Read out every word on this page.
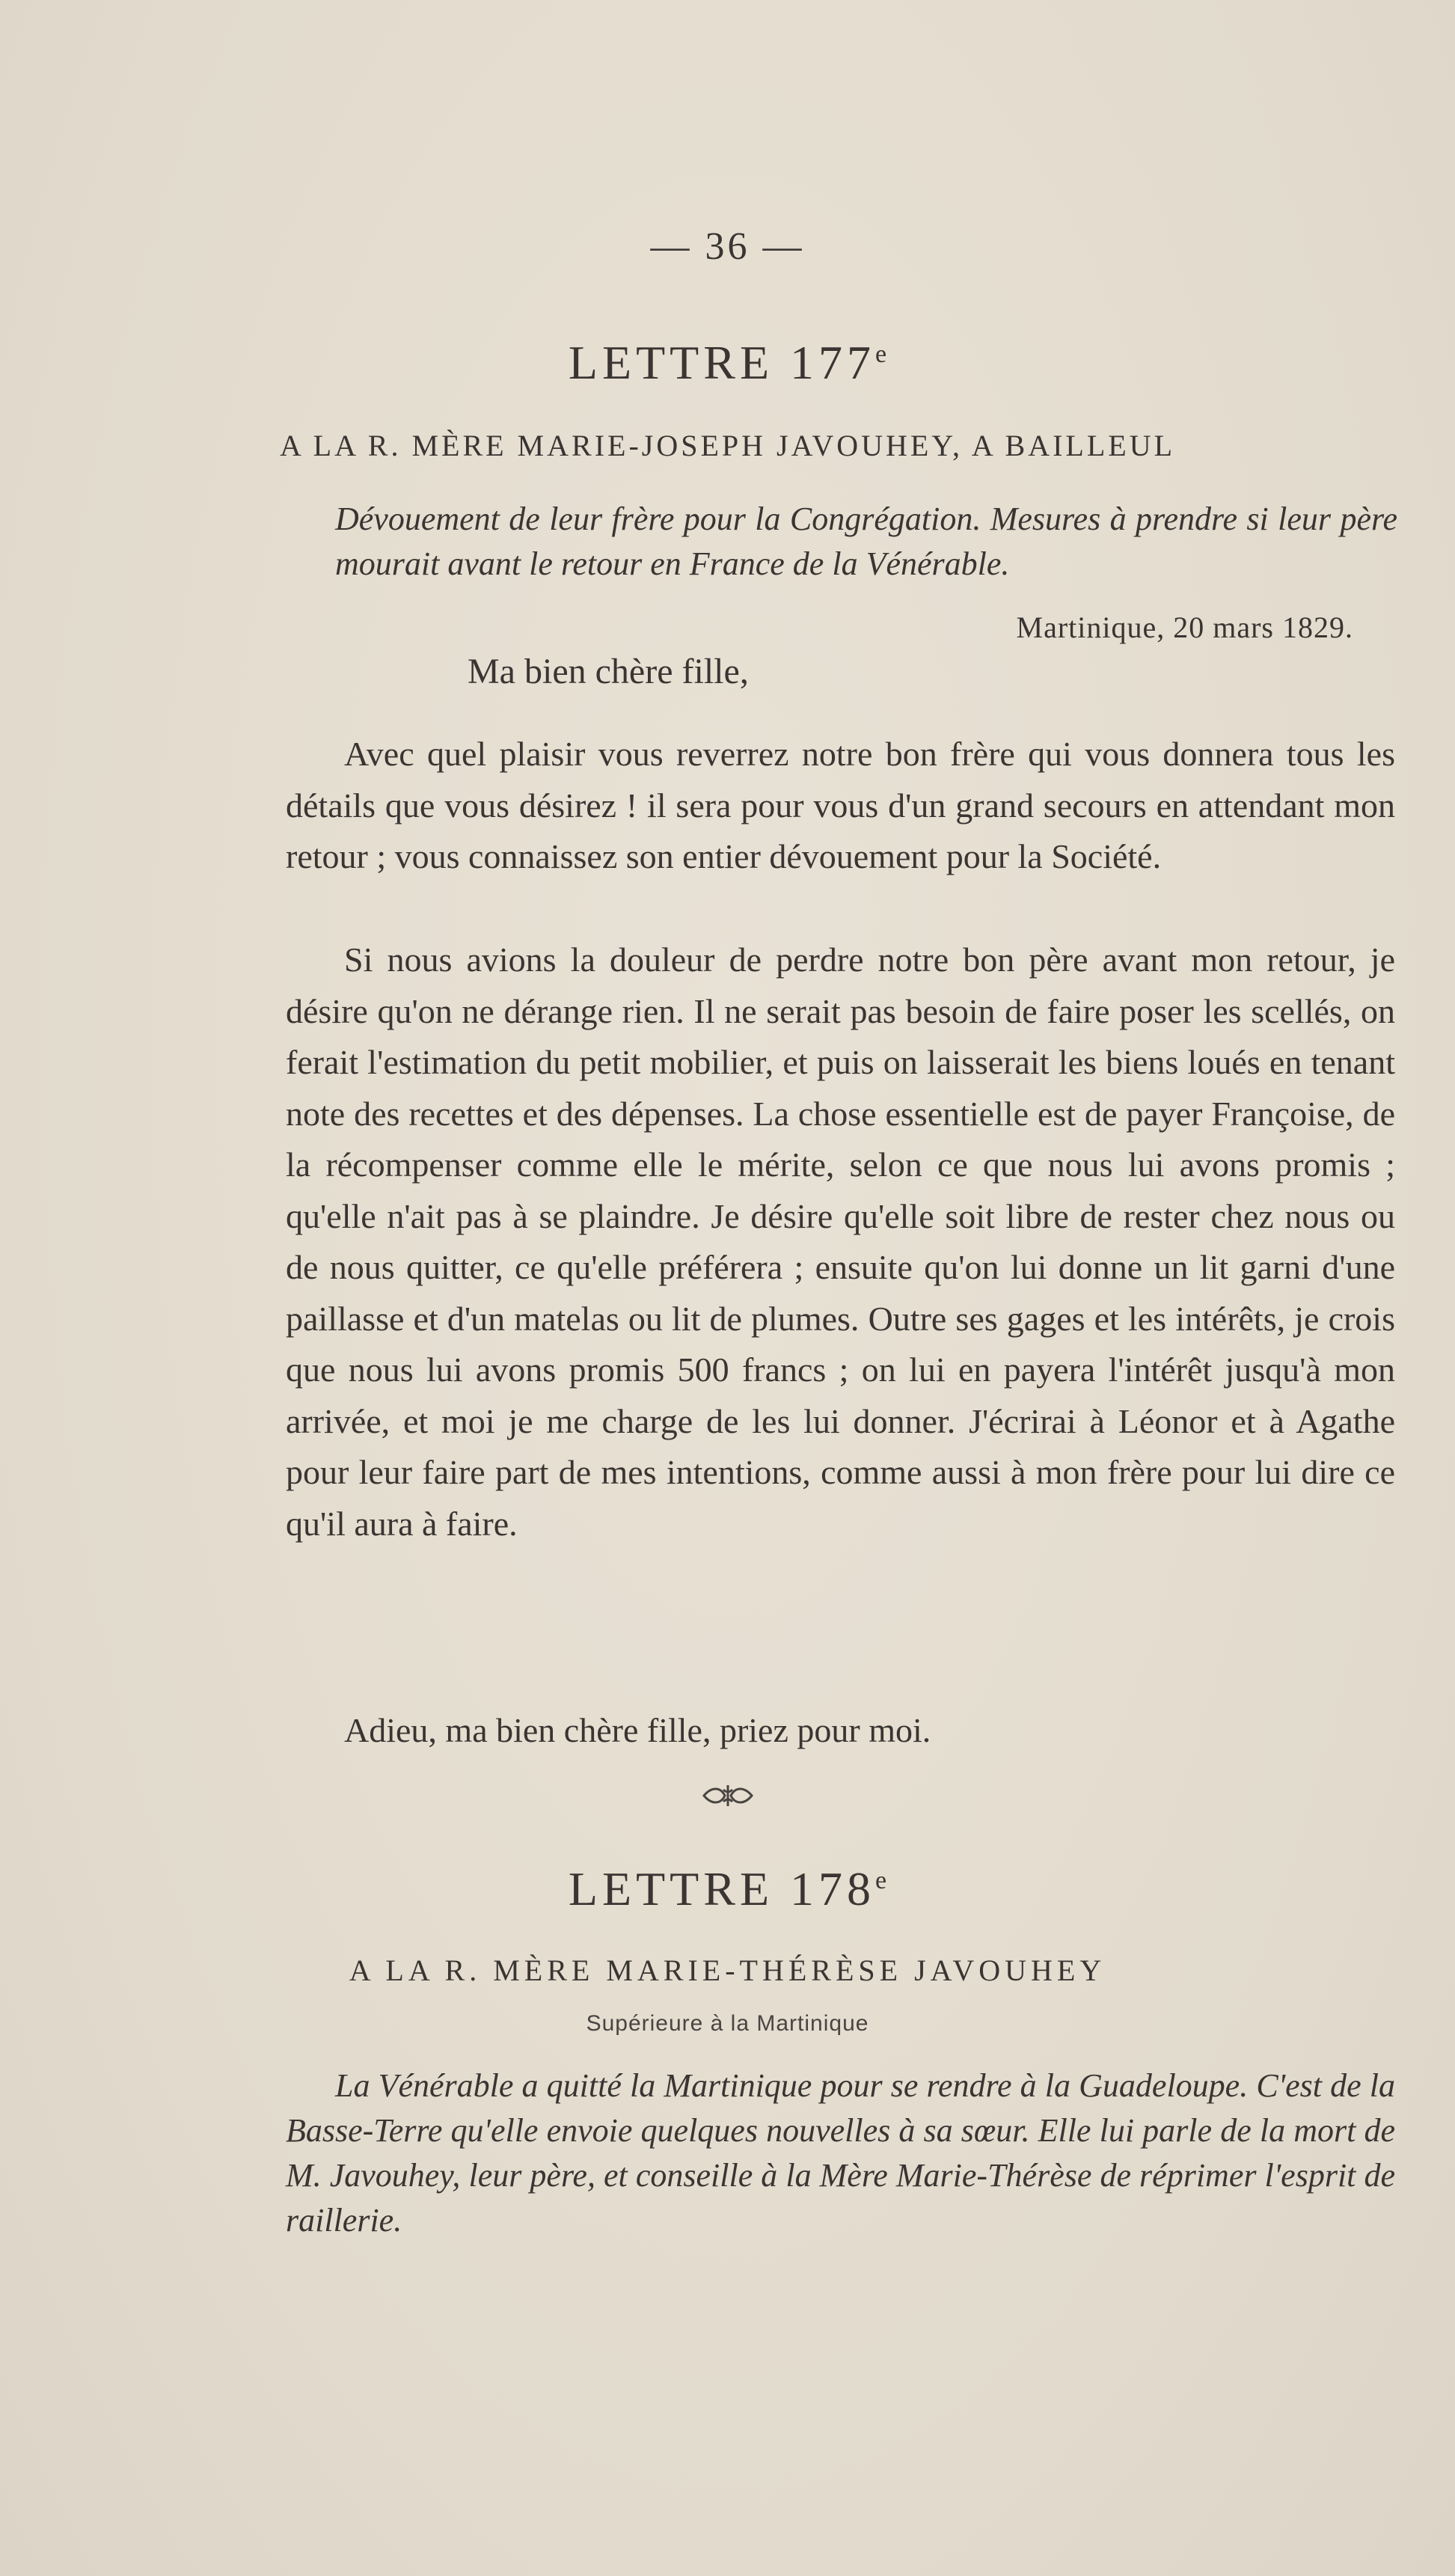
— 36 —
LETTRE 177e
A LA R. MÈRE MARIE-JOSEPH JAVOUHEY, A BAILLEUL
Dévouement de leur frère pour la Congrégation. Mesures à prendre si leur père mourait avant le retour en France de la Vénérable.
Martinique, 20 mars 1829.
Ma bien chère fille,

Avec quel plaisir vous reverrez notre bon frère qui vous donnera tous les détails que vous désirez ! il sera pour vous d'un grand secours en attendant mon retour ; vous connaissez son entier dévouement pour la Société.

Si nous avions la douleur de perdre notre bon père avant mon retour, je désire qu'on ne dérange rien. Il ne serait pas besoin de faire poser les scellés, on ferait l'estimation du petit mobilier, et puis on laisserait les biens loués en tenant note des recettes et des dépenses. La chose essentielle est de payer Françoise, de la récompenser comme elle le mérite, selon ce que nous lui avons promis ; qu'elle n'ait pas à se plaindre. Je désire qu'elle soit libre de rester chez nous ou de nous quitter, ce qu'elle préférera ; ensuite qu'on lui donne un lit garni d'une paillasse et d'un matelas ou lit de plumes. Outre ses gages et les intérêts, je crois que nous lui avons promis 500 francs ; on lui en payera l'intérêt jusqu'à mon arrivée, et moi je me charge de les lui donner. J'écrirai à Léonor et à Agathe pour leur faire part de mes intentions, comme aussi à mon frère pour lui dire ce qu'il aura à faire.

Adieu, ma bien chère fille, priez pour moi.

LETTRE 178e
A LA R. MÈRE MARIE-THÉRÈSE JAVOUHEY
Supérieure à la Martinique
La Vénérable a quitté la Martinique pour se rendre à la Guadeloupe. C'est de la Basse-Terre qu'elle envoie quelques nouvelles à sa sœur. Elle lui parle de la mort de M. Javouhey, leur père, et conseille à la Mère Marie-Thérèse de réprimer l'esprit de raillerie.
